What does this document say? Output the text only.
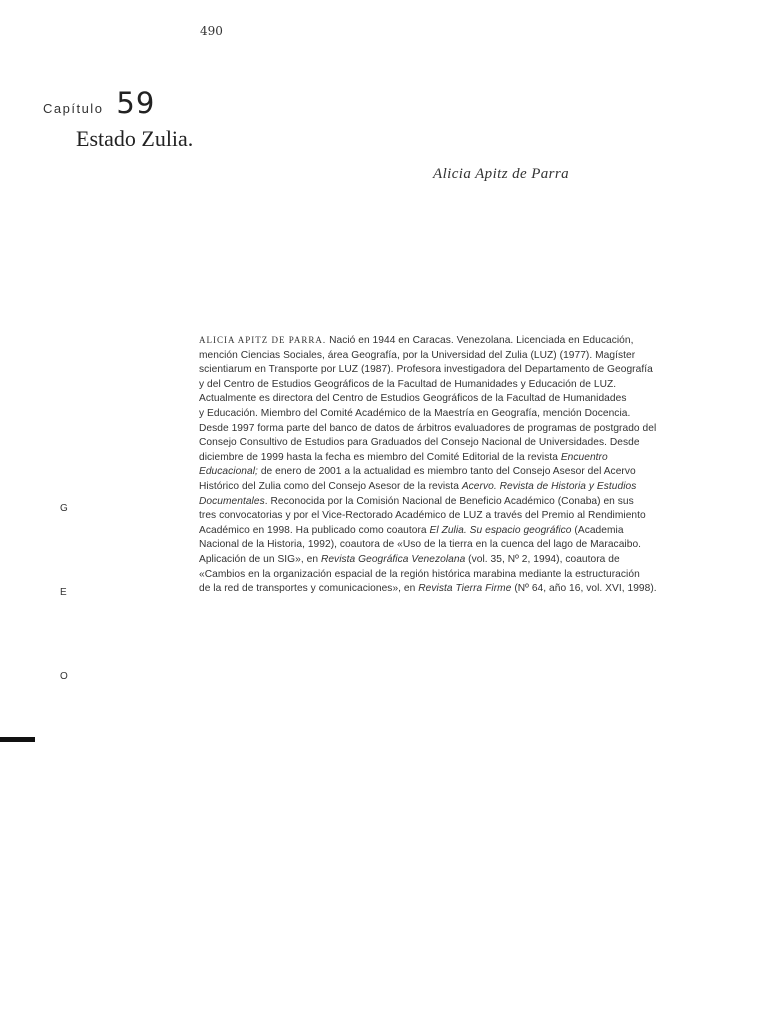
490
Capítulo 59
Estado Zulia.
Alicia Apitz de Parra
ALICIA APITZ DE PARRA. Nació en 1944 en Caracas. Venezolana. Licenciada en Educación,
mención Ciencias Sociales, área Geografía, por la Universidad del Zulia (LUZ) (1977). Magíster
scientiarum en Transporte por LUZ (1987). Profesora investigadora del Departamento de Geografía
y del Centro de Estudios Geográficos de la Facultad de Humanidades y Educación de LUZ.
Actualmente es directora del Centro de Estudios Geográficos de la Facultad de Humanidades
y Educación. Miembro del Comité Académico de la Maestría en Geografía, mención Docencia.
Desde 1997 forma parte del banco de datos de árbitros evaluadores de programas de postgrado del
Consejo Consultivo de Estudios para Graduados del Consejo Nacional de Universidades. Desde
diciembre de 1999 hasta la fecha es miembro del Comité Editorial de la revista Encuentro
Educacional; de enero de 2001 a la actualidad es miembro tanto del Consejo Asesor del Acervo
Histórico del Zulia como del Consejo Asesor de la revista Acervo. Revista de Historia y Estudios
Documentales. Reconocida por la Comisión Nacional de Beneficio Académico (Conaba) en sus
tres convocatorias y por el Vice-Rectorado Académico de LUZ a través del Premio al Rendimiento
Académico en 1998. Ha publicado como coautora El Zulia. Su espacio geográfico (Academia
Nacional de la Historia, 1992), coautora de «Uso de la tierra en la cuenca del lago de Maracaibo.
Aplicación de un SIG», en Revista Geográfica Venezolana (vol. 35, Nº 2, 1994), coautora de
«Cambios en la organización espacial de la región histórica marabina mediante la estructuración
de la red de transportes y comunicaciones», en Revista Tierra Firme (Nº 64, año 16, vol. XVI, 1998).
G
E
O
